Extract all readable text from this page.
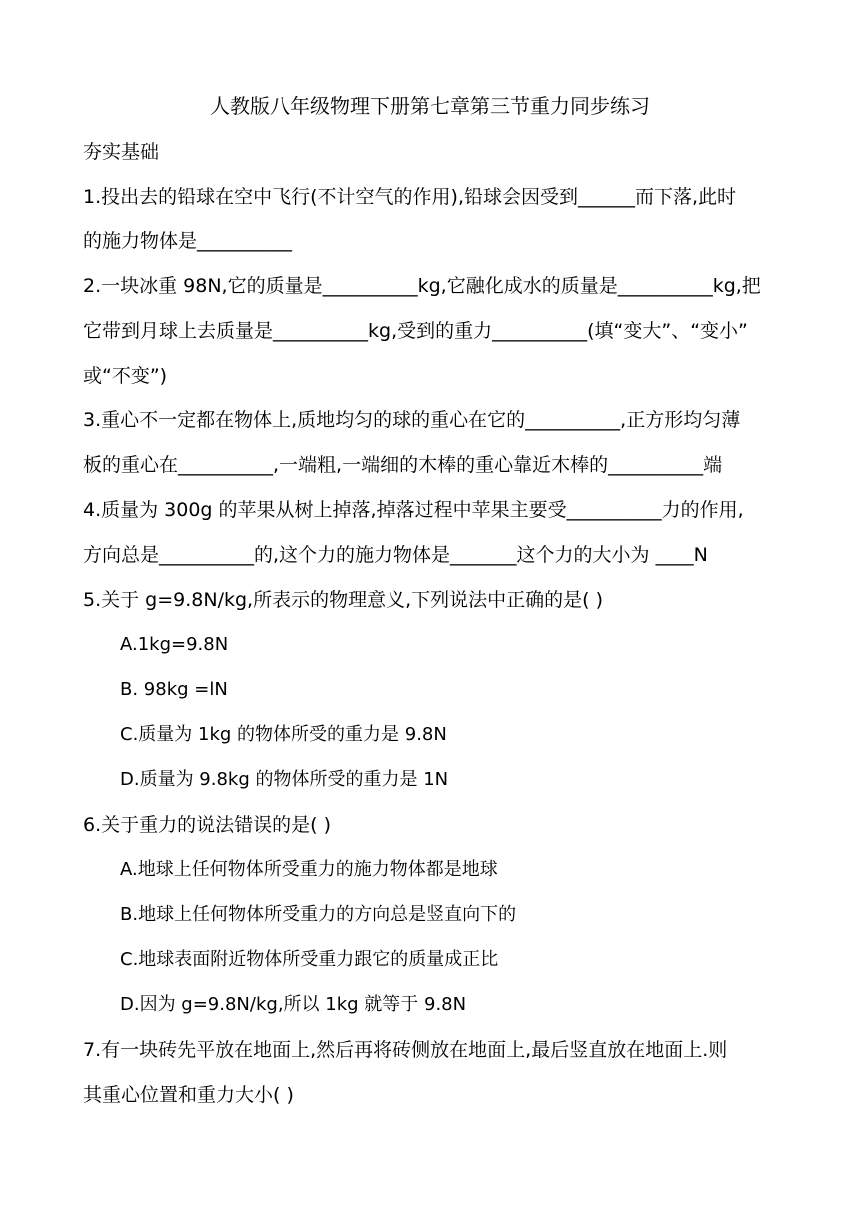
人教版八年级物理下册第七章第三节重力同步练习
夯实基础
1.投出去的铅球在空中飞行(不计空气的作用),铅球会因受到______而下落,此时
的施力物体是__________
2.一块冰重 98N,它的质量是__________kg,它融化成水的质量是__________kg,把
它带到月球上去质量是__________kg,受到的重力__________(填“变大”、“变小”
或“不变”)
3.重心不一定都在物体上,质地均匀的球的重心在它的__________,正方形均匀薄
板的重心在__________,一端粗,一端细的木棒的重心靠近木棒的__________端
4.质量为 300g 的苹果从树上掉落,掉落过程中苹果主要受__________力的作用,
方向总是__________的,这个力的施力物体是_______这个力的大小为 ____N
5.关于 g=9.8N/kg,所表示的物理意义,下列说法中正确的是( )
A.1kg=9.8N
B. 98kg =lN
C.质量为 1kg 的物体所受的重力是 9.8N
D.质量为 9.8kg 的物体所受的重力是 1N
6.关于重力的说法错误的是( )
A.地球上任何物体所受重力的施力物体都是地球
B.地球上任何物体所受重力的方向总是竖直向下的
C.地球表面附近物体所受重力跟它的质量成正比
D.因为 g=9.8N/kg,所以 1kg 就等于 9.8N
7.有一块砖先平放在地面上,然后再将砖侧放在地面上,最后竖直放在地面上.则
其重心位置和重力大小( )
